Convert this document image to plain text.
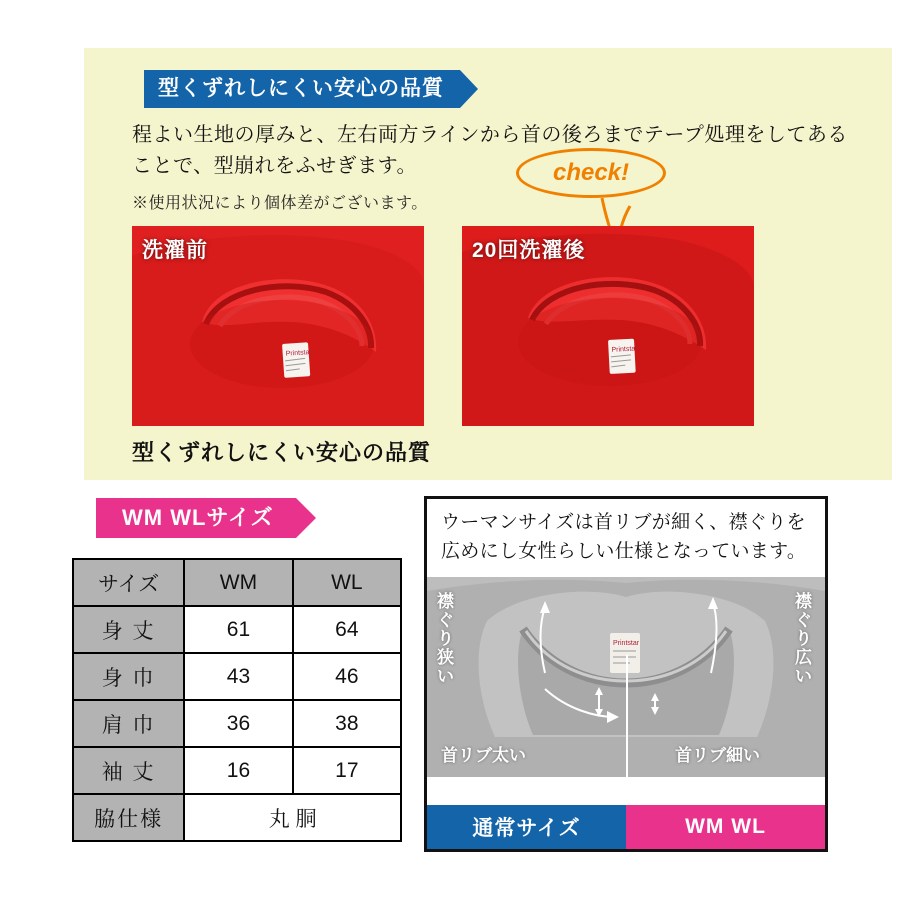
型くずれしにくい安心の品質
程よい生地の厚みと、左右両方ラインから首の後ろまでテープ処理をしてあることで、型崩れをふせぎます。
※使用状況により個体差がございます。
check!
Printstar
洗濯前
Printstar
20回洗濯後
型くずれしにくい安心の品質
WM WLサイズ
サイズ	WM	WL
身 丈	61	64
身 巾	43	46
肩 巾	36	38
袖 丈	16	17
脇仕様	丸 胴	
ウーマンサイズは首リブが細く、襟ぐりを広めにし女性らしい仕様となっています。
Printstar
襟ぐり狭い
襟ぐり広い
首リブ太い	首リブ細い
通常サイズ	WM WL
